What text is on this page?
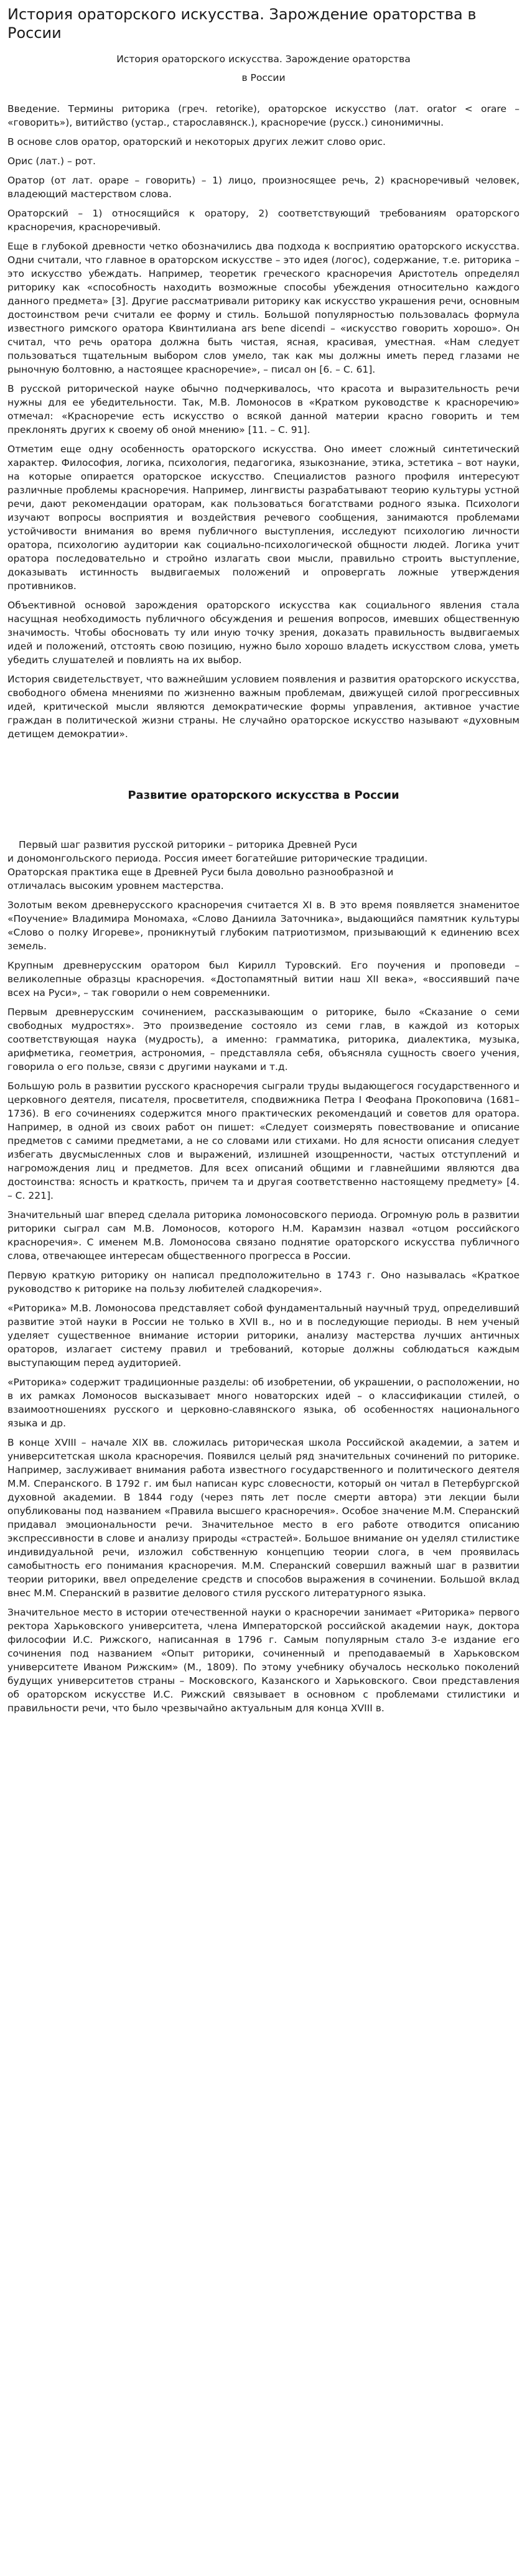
История ораторского искусства. Зарождение ораторства в России
История ораторского искусства. Зарождение ораторства
в России

Введение. Термины риторика (греч. retorike), ораторское искусство (лат. orator < orare – «говорить»), витийство (устар., старославянск.), красноречие (русск.) синонимичны.

В основе слов оратор, ораторский и некоторых других лежит слово орис.

Орис (лат.) – рот.

Оратор (от лат. орарe – говорить) – 1) лицо, произносящее речь, 2) красноречивый человек, владеющий мастерством слова.

Ораторский – 1) относящийся к оратору, 2) соответствующий требованиям ораторского красноречия, красноречивый.

Еще в глубокой древности четко обозначились два подхода к восприятию ораторского искусства. Одни считали, что главное в ораторском искусстве – это идея (логос), содержание, т.е. риторика – это искусство убеждать. Например, теоретик греческого красноречия Аристотель определял риторику как «способность находить возможные способы убеждения относительно каждого данного предмета» [3]. Другие рассматривали риторику как искусство украшения речи, основным достоинством речи считали ее форму и стиль. Большой популярностью пользовалась формула известного римского оратора Квинтилиана ars bene dicendi – «искусство говорить хорошо». Он считал, что речь оратора должна быть чистая, ясная, красивая, уместная. «Нам следует пользоваться тщательным выбором слов умело, так как мы должны иметь перед глазами не рыночную болтовню, а настоящее красноречие», – писал он [6. – С. 61].

В русской риторической науке обычно подчеркивалось, что красота и выразительность речи нужны для ее убедительности. Так, М.В. Ломоносов в «Кратком руководстве к красноречию» отмечал: «Красноречие есть искусство о всякой данной материи красно говорить и тем преклонять других к своему об оной мнению» [11. – С. 91].

Отметим еще одну особенность ораторского искусства. Оно имеет сложный синтетический характер. Философия, логика, психология, педагогика, языкознание, этика, эстетика – вот науки, на которые опирается ораторское искусство. Специалистов разного профиля интересуют различные проблемы красноречия. Например, лингвисты разрабатывают теорию культуры устной речи, дают рекомендации ораторам, как пользоваться богатствами родного языка. Психологи изучают вопросы восприятия и воздействия речевого сообщения, занимаются проблемами устойчивости внимания во время публичного выступления, исследуют психологию личности оратора, психологию аудитории как социально-психологической общности людей. Логика учит оратора последовательно и стройно излагать свои мысли, правильно строить выступление, доказывать истинность выдвигаемых положений и опровергать ложные утверждения противников.

Объективной основой зарождения ораторского искусства как социального явления стала насущная необходимость публичного обсуждения и решения вопросов, имевших общественную значимость. Чтобы обосновать ту или иную точку зрения, доказать правильность выдвигаемых идей и положений, отстоять свою позицию, нужно было хорошо владеть искусством слова, уметь убедить слушателей и повлиять на их выбор.

История свидетельствует, что важнейшим условием появления и развития ораторского искусства, свободного обмена мнениями по жизненно важным проблемам, движущей силой прогрессивных идей, критической мысли являются демократические формы управления, активное участие граждан в политической жизни страны. Не случайно ораторское искусство называют «духовным детищем демократии».

Развитие ораторского искусства в России
Первый шаг развития русской риторики – риторика Древней Руси
и дономонгольского периода. Россия имеет богатейшие риторические традиции.
Ораторская практика еще в Древней Руси была довольно разнообразной и
отличалась высоким уровнем мастерства.

Золотым веком древнерусского красноречия считается XI в. В это время появляется знаменитое «Поучение» Владимира Мономаха, «Слово Даниила Заточника», выдающийся памятник культуры «Слово о полку Игореве», проникнутый глубоким патриотизмом, призывающий к единению всех земель.

Крупным древнерусским оратором был Кирилл Туровский. Его поучения и проповеди – великолепные образцы красноречия. «Достопамятный витии наш XII века», «воссиявший паче всех на Руси», – так говорили о нем современники.

Первым древнерусским сочинением, рассказывающим о риторике, было «Сказание о семи свободных мудростях». Это произведение состояло из семи глав, в каждой из которых соответствующая наука (мудрость), а именно: грамматика, риторика, диалектика, музыка, арифметика, геометрия, астрономия, – представляла себя, объясняла сущность своего учения, говорила о его пользе, связи с другими науками и т.д.

Большую роль в развитии русского красноречия сыграли труды выдающегося государственного и церковного деятеля, писателя, просветителя, сподвижника Петра I Феофана Прокоповича (1681–1736). В его сочинениях содержится много практических рекомендаций и советов для оратора. Например, в одной из своих работ он пишет: «Следует соизмерять повествование и описание предметов с самими предметами, а не со словами или стихами. Но для ясности описания следует избегать двусмысленных слов и выражений, излишней изощренности, частых отступлений и нагромождения лиц и предметов. Для всех описаний общими и главнейшими являются два достоинства: ясность и краткость, причем та и другая соответственно настоящему предмету» [4. – С. 221].

Значительный шаг вперед сделала риторика ломоносовского периода. Огромную роль в развитии риторики сыграл сам М.В. Ломоносов, которого Н.М. Карамзин назвал «отцом российского красноречия». С именем М.В. Ломоносова связано поднятие ораторского искусства публичного слова, отвечающее интересам общественного прогресса в России.

Первую краткую риторику он написал предположительно в 1743 г. Оно называлась «Краткое руководство к риторике на пользу любителей сладкоречия».

«Риторика» М.В. Ломоносова представляет собой фундаментальный научный труд, определивший развитие этой науки в России не только в XVII в., но и в последующие периоды. В нем ученый уделяет существенное внимание истории риторики, анализу мастерства лучших античных ораторов, излагает систему правил и требований, которые должны соблюдаться каждым выступающим перед аудиторией.

«Риторика» содержит традиционные разделы: об изобретении, об украшении, о расположении, но в их рамках Ломоносов высказывает много новаторских идей – о классификации стилей, о взаимоотношениях русского и церковно-славянского языка, об особенностях национального языка и др.

В конце XVIII – начале XIX вв. сложилась риторическая школа Российской академии, а затем и университетская школа красноречия. Появился целый ряд значительных сочинений по риторике. Например, заслуживает внимания работа известного государственного и политического деятеля М.М. Сперанского. В 1792 г. им был написан курс словесности, который он читал в Петербургской духовной академии. В 1844 году (через пять лет после смерти автора) эти лекции были опубликованы под названием «Правила высшего красноречия». Особое значение М.М. Сперанский придавал эмоциональности речи. Значительное место в его работе отводится описанию экспрессивности в слове и анализу природы «страстей». Большое внимание он уделял стилистике индивидуальной речи, изложил собственную концепцию теории слога, в чем проявилась самобытность его понимания красноречия. М.М. Сперанский совершил важный шаг в развитии теории риторики, ввел определение средств и способов выражения в сочинении. Большой вклад внес М.М. Сперанский в развитие делового стиля русского литературного языка.

Значительное место в истории отечественной науки о красноречии занимает «Риторика» первого ректора Харьковского университета, члена Императорской российской академии наук, доктора философии И.С. Рижского, написанная в 1796 г. Самым популярным стало 3-е издание его сочинения под названием «Опыт риторики, сочиненный и преподаваемый в Харьковском университете Иваном Рижским» (М., 1809). По этому учебнику обучалось несколько поколений будущих университетов страны – Московского, Казанского и Харьковского. Свои представления об ораторском искусстве И.С. Рижский связывает в основном с проблемами стилистики и правильности речи, что было чрезвычайно актуальным для конца XVIII в.
